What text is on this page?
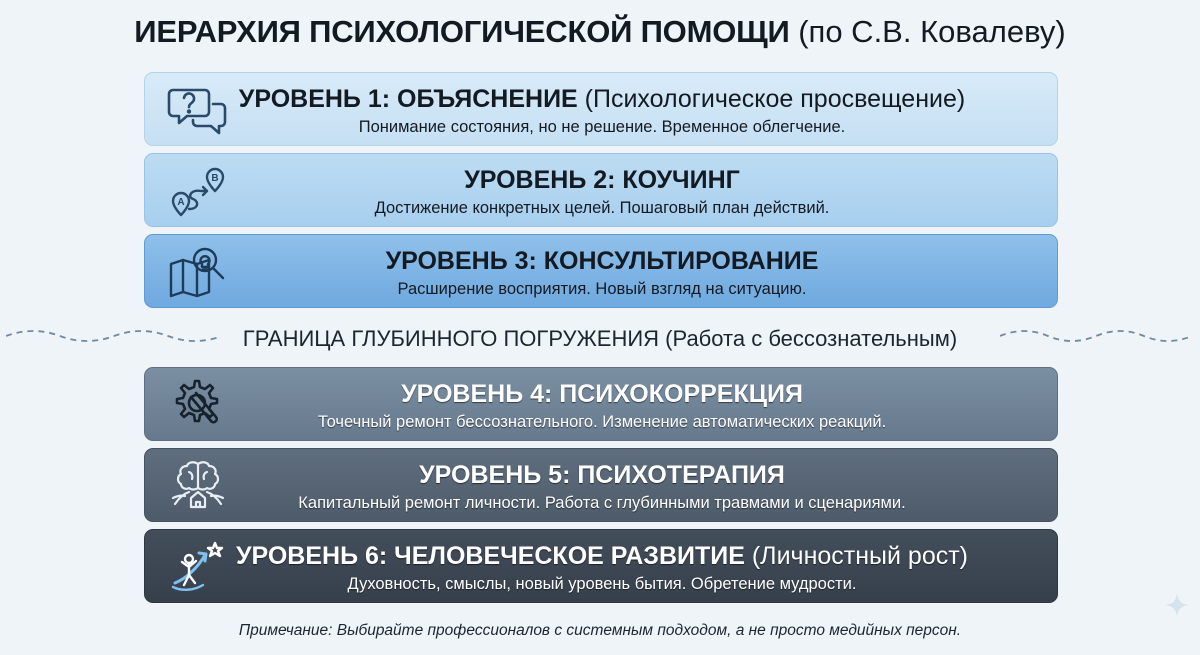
ИЕРАРХИЯ ПСИХОЛОГИЧЕСКОЙ ПОМОЩИ (по С.В. Ковалеву)
УРОВЕНЬ 1: ОБЪЯСНЕНИЕ (Психологическое просвещение)
Понимание состояния, но не решение. Временное облегчение.
A
B	УРОВЕНЬ 2: КОУЧИНГ
Достижение конкретных целей. Пошаговый план действий.
УРОВЕНЬ 3: КОНСУЛЬТИРОВАНИЕ
Расширение восприятия. Новый взгляд на ситуацию.
ГРАНИЦА ГЛУБИННОГО ПОГРУЖЕНИЯ (Работа с бессознательным)
УРОВЕНЬ 4: ПСИХОКОРРЕКЦИЯ
Точечный ремонт бессознательного. Изменение автоматических реакций.
УРОВЕНЬ 5: ПСИХОТЕРАПИЯ
Капитальный ремонт личности. Работа с глубинными травмами и сценариями.
УРОВЕНЬ 6: ЧЕЛОВЕЧЕСКОЕ РАЗВИТИЕ (Личностный рост)
Духовность, смыслы, новый уровень бытия. Обретение мудрости.
Примечание: Выбирайте профессионалов с системным подходом, а не просто медийных персон.
